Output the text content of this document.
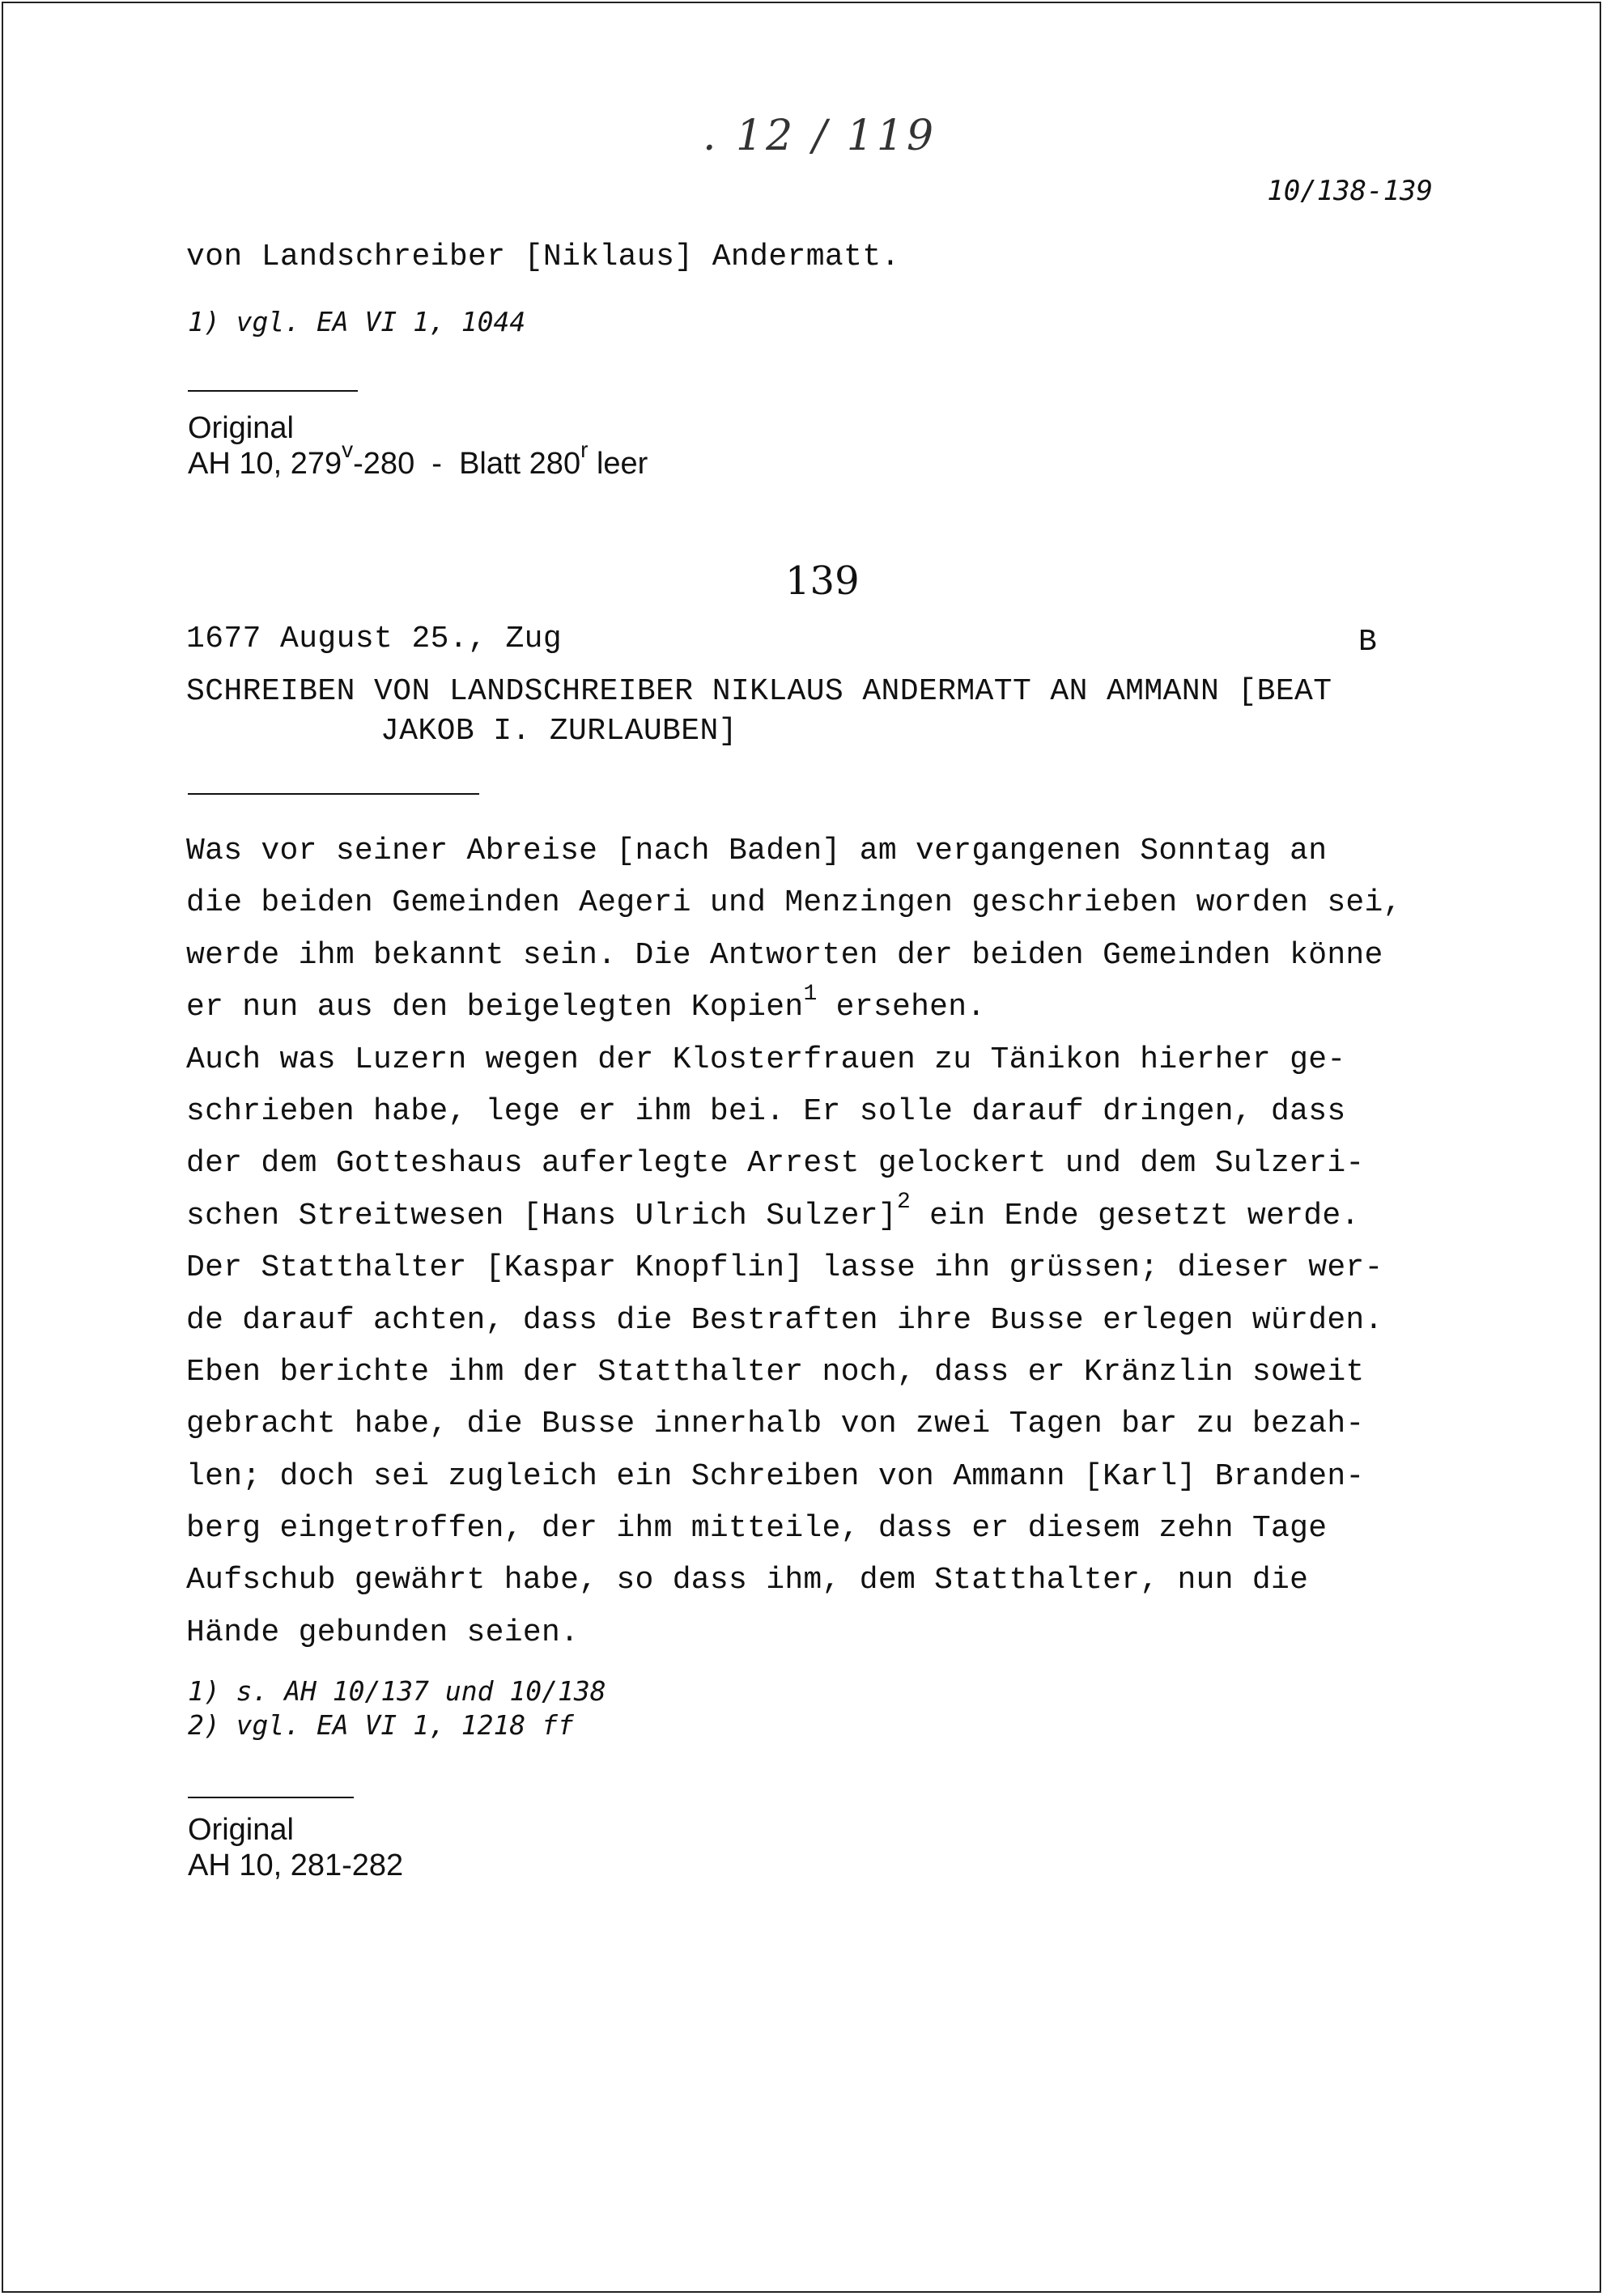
. 12 / 119
10/138-139
von Landschreiber [Niklaus] Andermatt.
1) vgl. EA VI 1, 1044
Original
AH 10, 279$^v$-280  -  Blatt 280$^r$ leer
139
1677 August 25., Zug	B
SCHREIBEN VON LANDSCHREIBER NIKLAUS ANDERMATT AN AMMANN [BEAT
JAKOB I. ZURLAUBEN]
Was vor seiner Abreise [nach Baden] am vergangenen Sonntag an
die beiden Gemeinden Aegeri und Menzingen geschrieben worden sei,
werde ihm bekannt sein. Die Antworten der beiden Gemeinden könne
er nun aus den beigelegten Kopien$^1$ ersehen.
Auch was Luzern wegen der Klosterfrauen zu Tänikon hierher ge-
schrieben habe, lege er ihm bei. Er solle darauf dringen, dass
der dem Gotteshaus auferlegte Arrest gelockert und dem Sulzeri-
schen Streitwesen [Hans Ulrich Sulzer]$^2$ ein Ende gesetzt werde.
Der Statthalter [Kaspar Knopflin] lasse ihn grüssen; dieser wer-
de darauf achten, dass die Bestraften ihre Busse erlegen würden.
Eben berichte ihm der Statthalter noch, dass er Kränzlin soweit
gebracht habe, die Busse innerhalb von zwei Tagen bar zu bezah-
len; doch sei zugleich ein Schreiben von Ammann [Karl] Branden-
berg eingetroffen, der ihm mitteile, dass er diesem zehn Tage
Aufschub gewährt habe, so dass ihm, dem Statthalter, nun die
Hände gebunden seien.
1) s. AH 10/137 und 10/138
2) vgl. EA VI 1, 1218 ff
Original
AH 10, 281-282
